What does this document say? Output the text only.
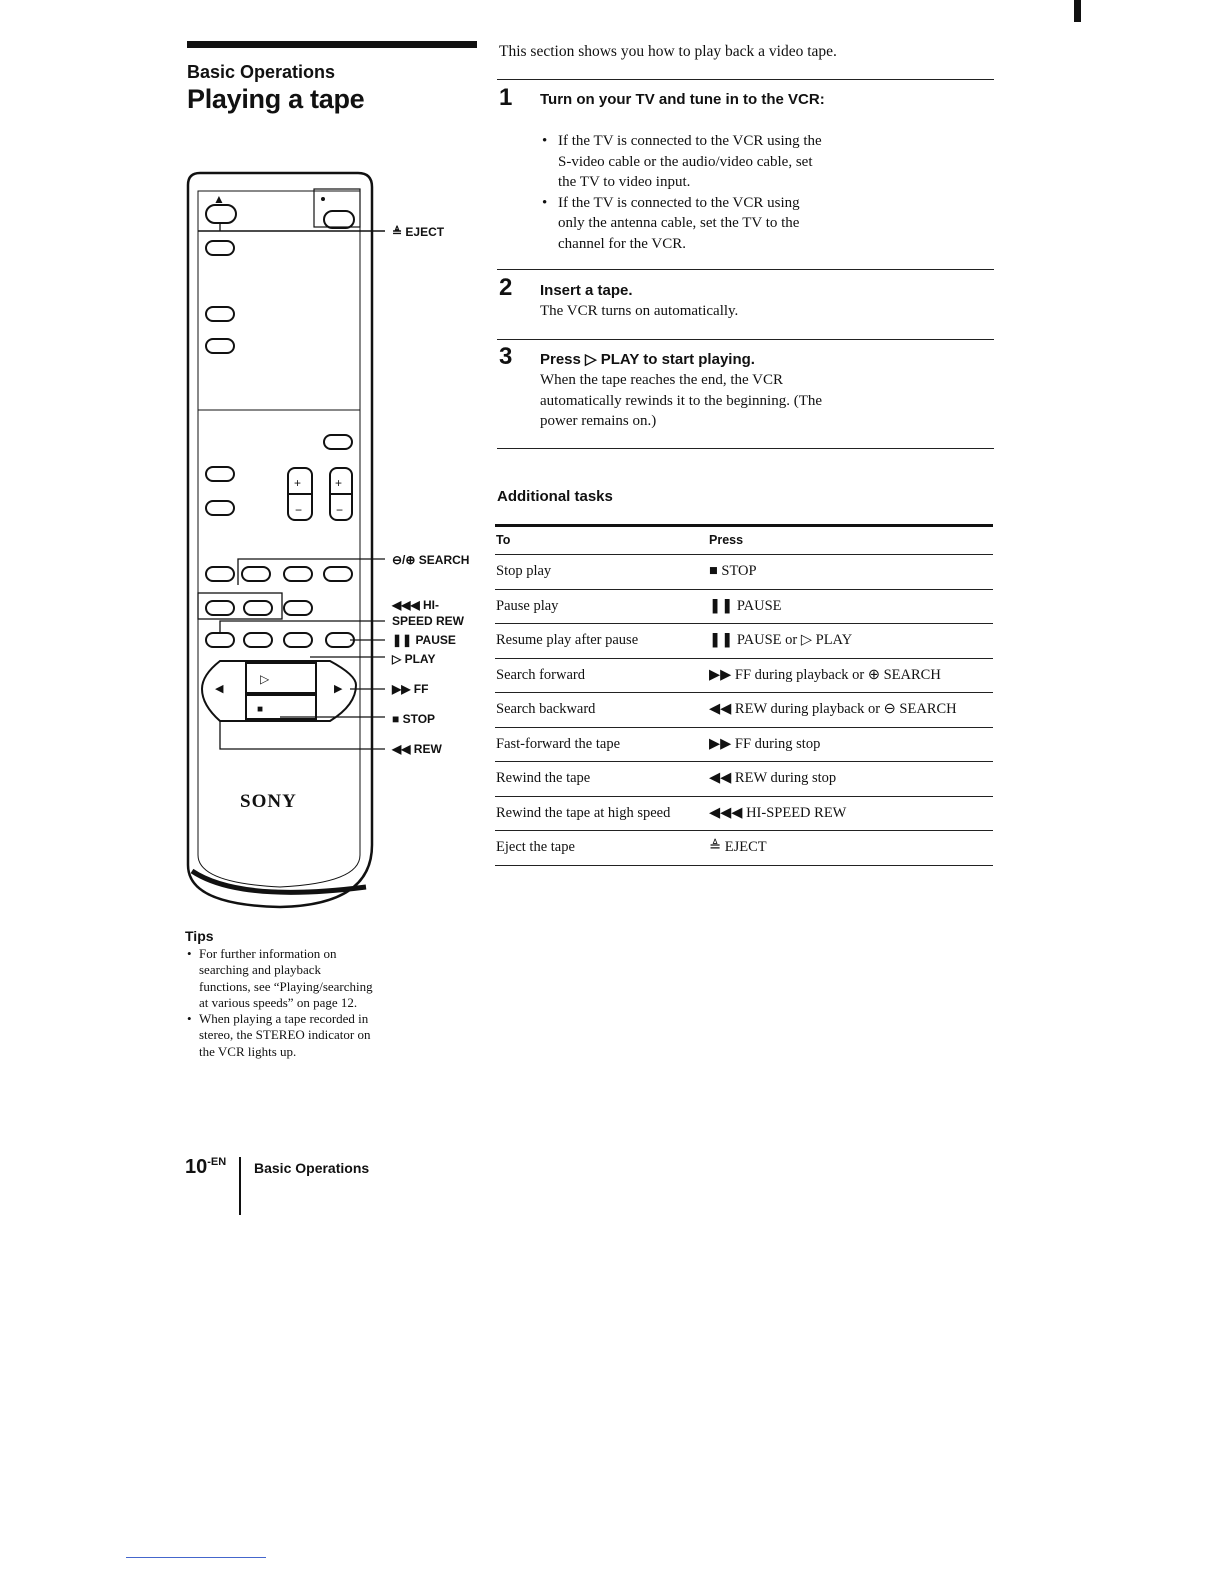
Basic Operations
Playing a tape
This section shows you how to play back a video tape.
1 Turn on your TV and tune in to the VCR:
• If the TV is connected to the VCR using the S-video cable or the audio/video cable, set the TV to video input.
• If the TV is connected to the VCR using only the antenna cable, set the TV to the channel for the VCR.
2 Insert a tape.
The VCR turns on automatically.
3 Press ▷ PLAY to start playing.
When the tape reaches the end, the VCR automatically rewinds it to the beginning. (The power remains on.)
Additional tasks
To	Press
Stop play	■ STOP
Pause play	❚❚ PAUSE
Resume play after pause	❚❚ PAUSE or ▷ PLAY
Search forward	▶▶ FF during playback or ⊕ SEARCH
Search backward	◀◀ REW during playback or ⊖ SEARCH
Fast-forward the tape	▶▶ FF during stop
Rewind the tape	◀◀ REW during stop
Rewind the tape at high speed	◀◀◀ HI-SPEED REW
Eject the tape	≜ EJECT
▲
+
−
+
−
▷
■
◀	▶
SONY
≜ EJECT
⊖/⊕ SEARCH
◀◀◀ HI-SPEED REW
❚❚ PAUSE
▷ PLAY
▶▶ FF
■ STOP
◀◀ REW
Tips
• For further information on searching and playback functions, see “Playing/searching at various speeds” on page 12.
• When playing a tape recorded in stereo, the STEREO indicator on the VCR lights up.
$10^{-EN}$ Basic Operations
